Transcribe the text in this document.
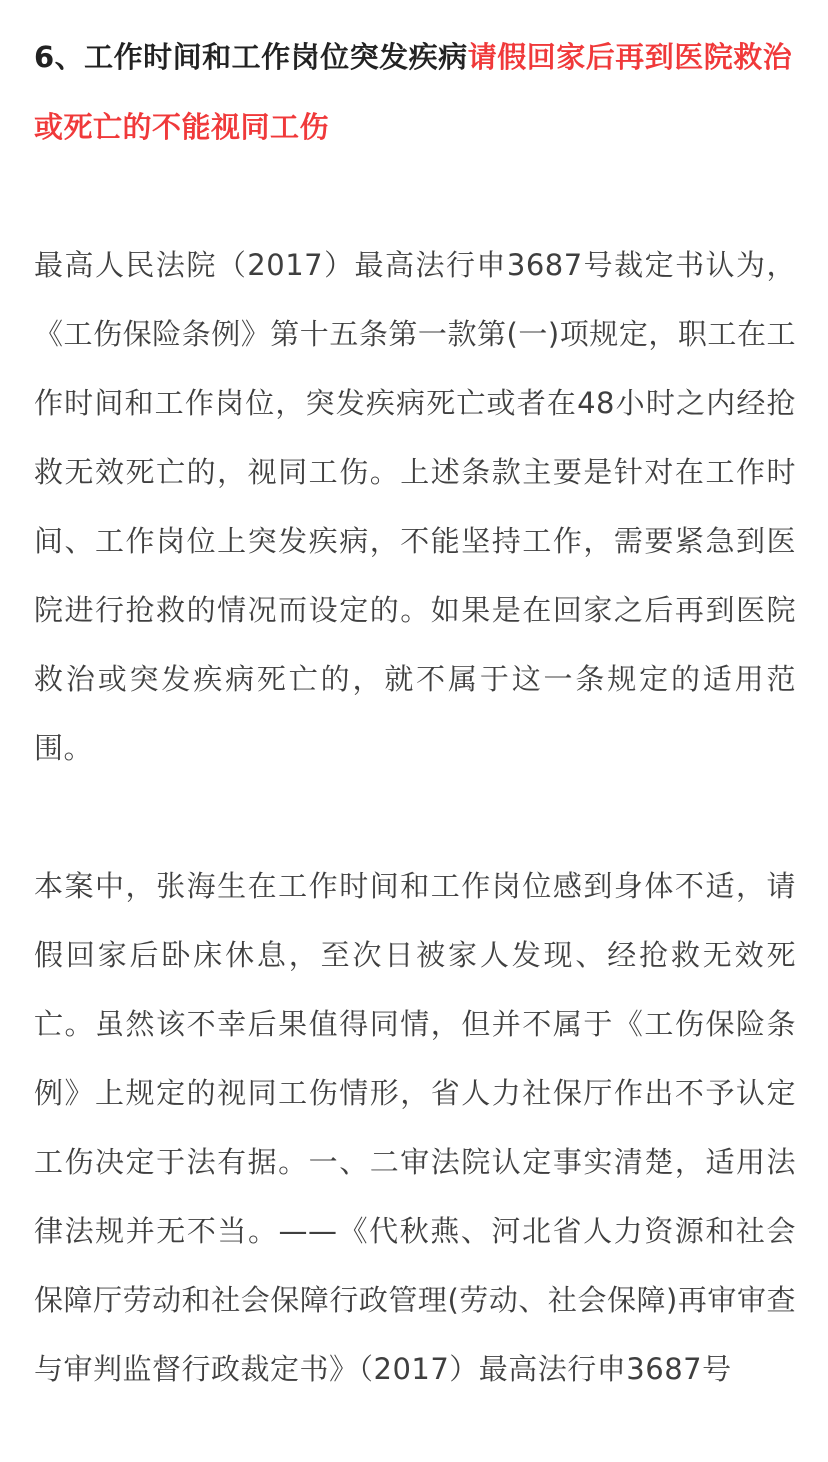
6、工作时间和工作岗位突发疾病请假回家后再到医院救治或死亡的不能视同工伤

最高人民法院（2017）最高法行申3687号裁定书认为，《工伤保险条例》第十五条第一款第(一)项规定，职工在工作时间和工作岗位，突发疾病死亡或者在48小时之内经抢救无效死亡的，视同工伤。上述条款主要是针对在工作时间、工作岗位上突发疾病，不能坚持工作，需要紧急到医院进行抢救的情况而设定的。如果是在回家之后再到医院救治或突发疾病死亡的，就不属于这一条规定的适用范围。

本案中，张海生在工作时间和工作岗位感到身体不适，请假回家后卧床休息，至次日被家人发现、经抢救无效死亡。虽然该不幸后果值得同情，但并不属于《工伤保险条例》上规定的视同工伤情形，省人力社保厅作出不予认定工伤决定于法有据。一、二审法院认定事实清楚，适用法律法规并无不当。——《代秋燕、河北省人力资源和社会保障厅劳动和社会保障行政管理(劳动、社会保障)再审审查与审判监督行政裁定书》（2017）最高法行申3687号
